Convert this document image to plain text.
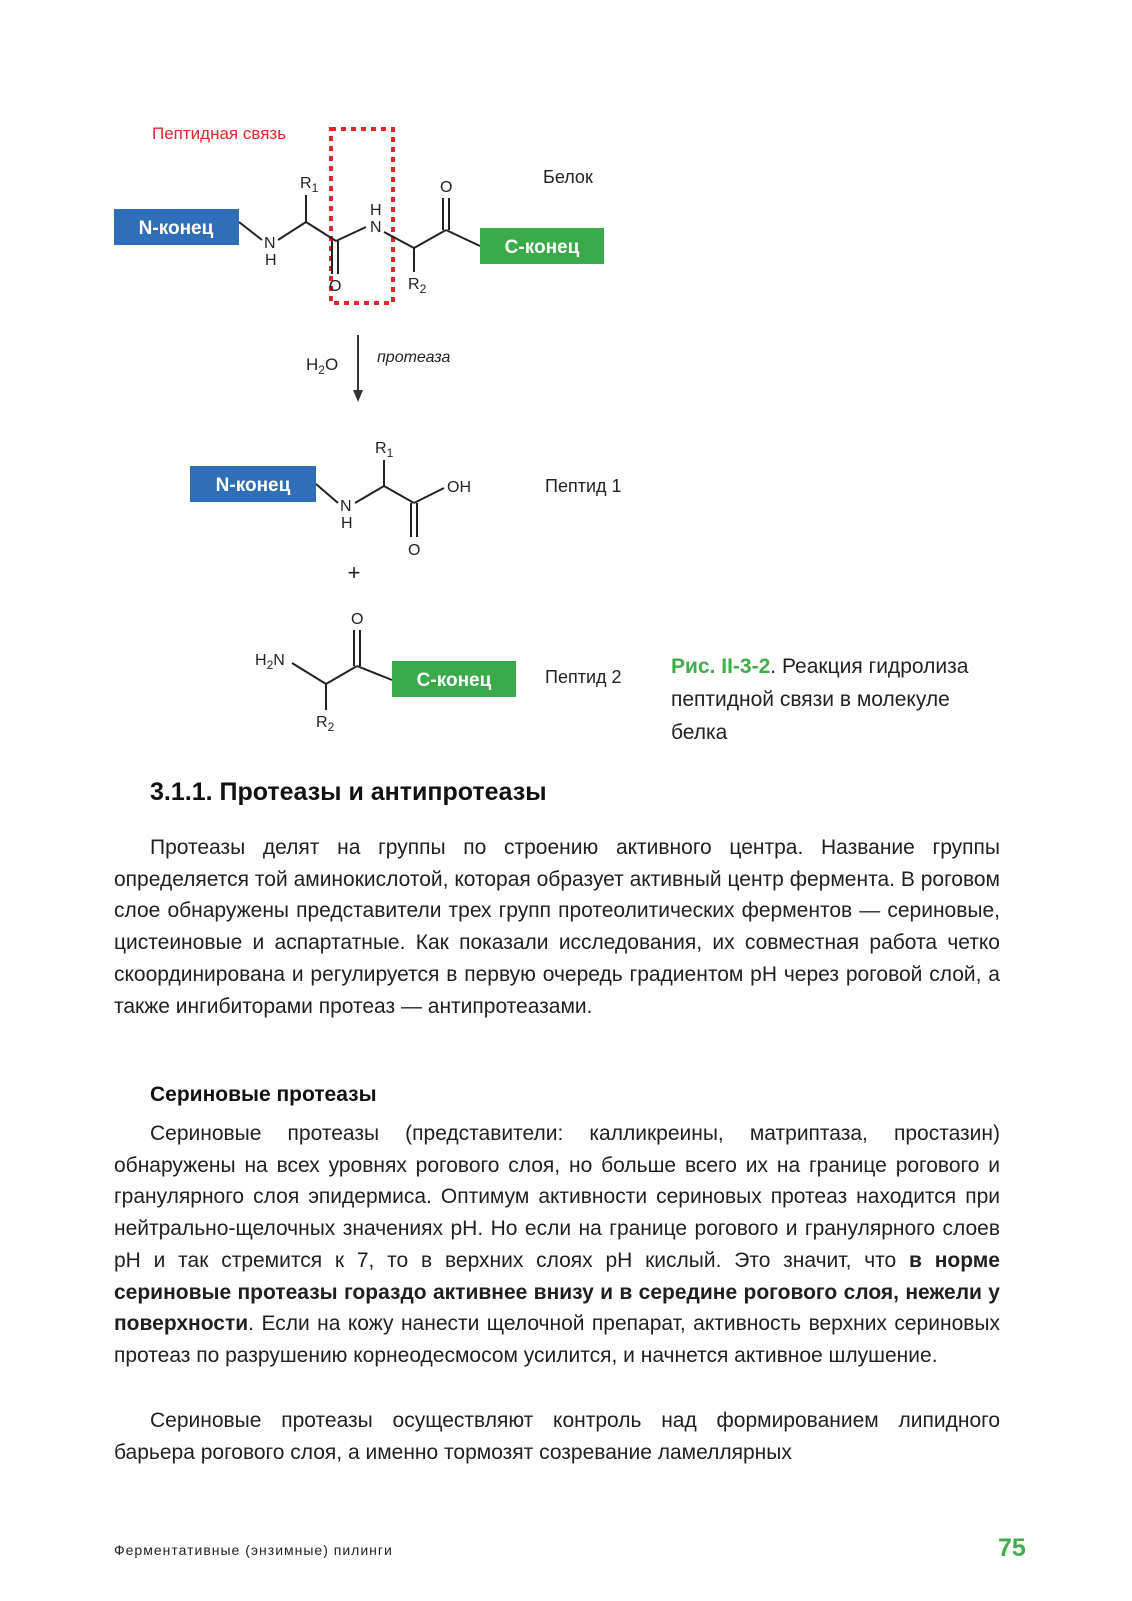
N-конец
$R_1$
N
H
H
N
O
O
$R_2$
С-конец
Белок
$H_2O$
N-конец
$R_1$
N
H
OH
O
Пептид 1
+
$H_2N$
O
$R_2$
С-конец	Пептид 2
Пептидная связь
протеаза
Рис. II-3-2. Реакция гидролиза пептидной связи в молекуле белка
3.1.1. Протеазы и антипротеазы

Протеазы делят на группы по строению активного центра. Название группы определяется той аминокислотой, которая образует активный центр фермента. В роговом слое обнаружены представители трех групп протеолитических ферментов — сериновые, цистеиновые и аспартатные. Как показали исследования, их совместная работа четко скоординирована и регулируется в первую очередь градиентом pH через роговой слой, а также ингибиторами протеаз — антипротеазами.

Сериновые протеазы

Сериновые протеазы (представители: калликреины, матриптаза, простазин) обнаружены на всех уровнях рогового слоя, но больше всего их на границе рогового и гранулярного слоя эпидермиса. Оптимум активности сериновых протеаз находится при нейтрально-щелочных значениях pH. Но если на границе рогового и гранулярного слоев pH и так стремится к 7, то в верхних слоях pH кислый. Это значит, что в норме сериновые протеазы гораздо активнее внизу и в середине рогового слоя, нежели у поверхности. Если на кожу нанести щелочной препарат, активность верхних сериновых протеаз по разрушению корнеодесмосом усилится, и начнется активное шлушение.

Сериновые протеазы осуществляют контроль над формированием липидного барьера рогового слоя, а именно тормозят созревание ламеллярных

Ферментативные (энзимные) пилинги	75
